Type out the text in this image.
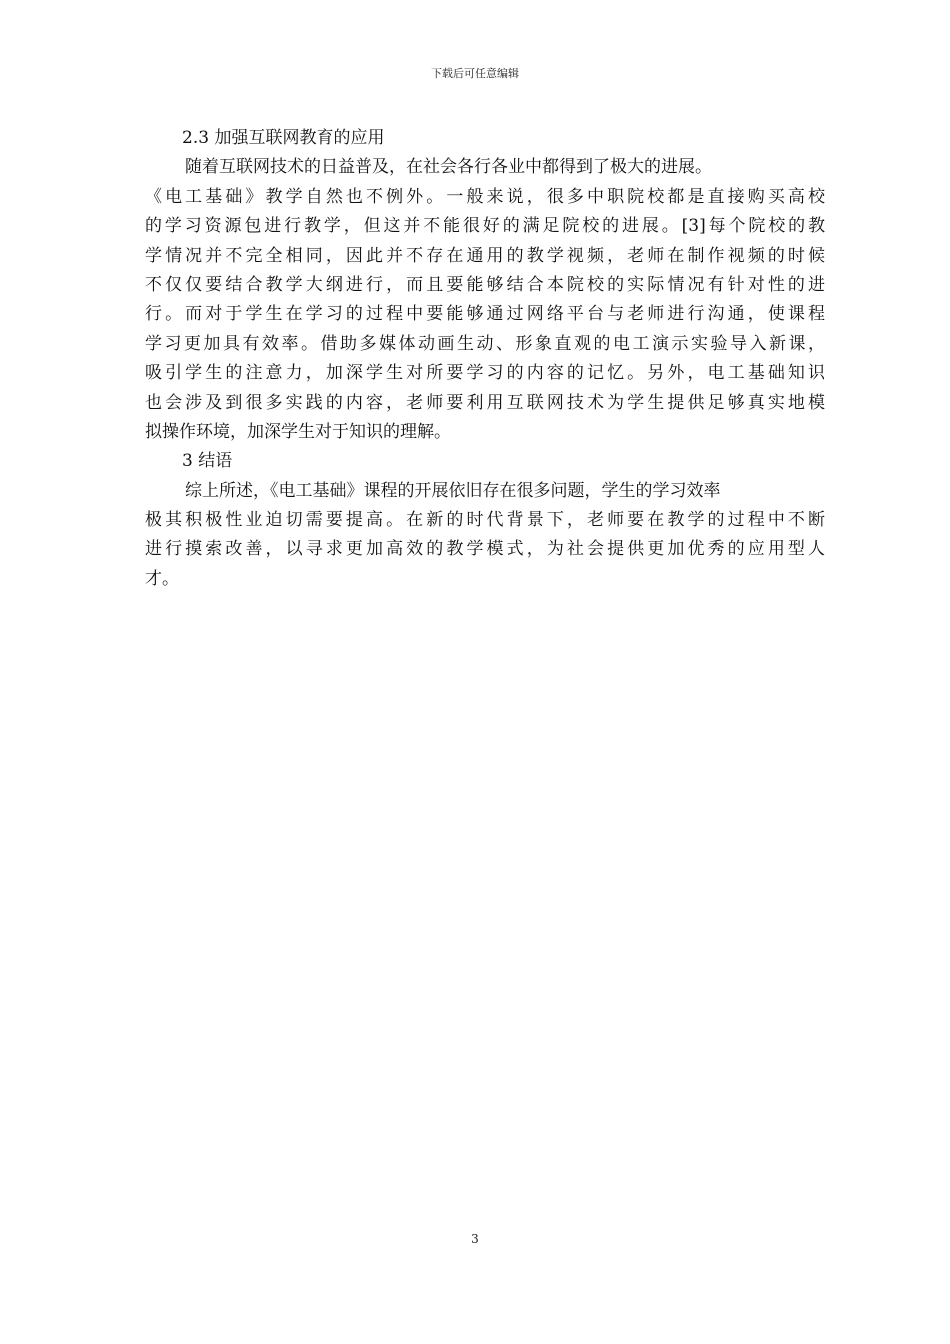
下载后可任意编辑
2.3 加强互联网教育的应用
随着互联网技术的日益普及，在社会各行各业中都得到了极大的进展。
《电工基础》教学自然也不例外。一般来说，很多中职院校都是直接购买高校
的学习资源包进行教学，但这并不能很好的满足院校的进展。[3]每个院校的教
学情况并不完全相同，因此并不存在通用的教学视频，老师在制作视频的时候
不仅仅要结合教学大纲进行，而且要能够结合本院校的实际情况有针对性的进
行。而对于学生在学习的过程中要能够通过网络平台与老师进行沟通，使课程
学习更加具有效率。借助多媒体动画生动、形象直观的电工演示实验导入新课，
吸引学生的注意力，加深学生对所要学习的内容的记忆。另外，电工基础知识
也会涉及到很多实践的内容，老师要利用互联网技术为学生提供足够真实地模
拟操作环境，加深学生对于知识的理解。
3 结语
综上所述，《电工基础》课程的开展依旧存在很多问题，学生的学习效率
极其积极性业迫切需要提高。在新的时代背景下，老师要在教学的过程中不断
进行摸索改善，以寻求更加高效的教学模式，为社会提供更加优秀的应用型人
才。
3
